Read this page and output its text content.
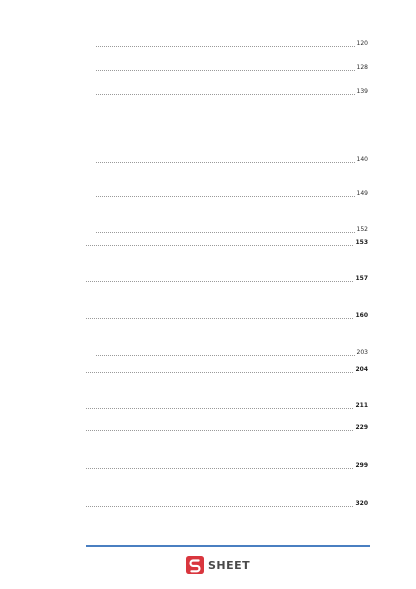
120
128
139
140
149
152
153
157
160
203
204
211
229
299
320
SHEET
